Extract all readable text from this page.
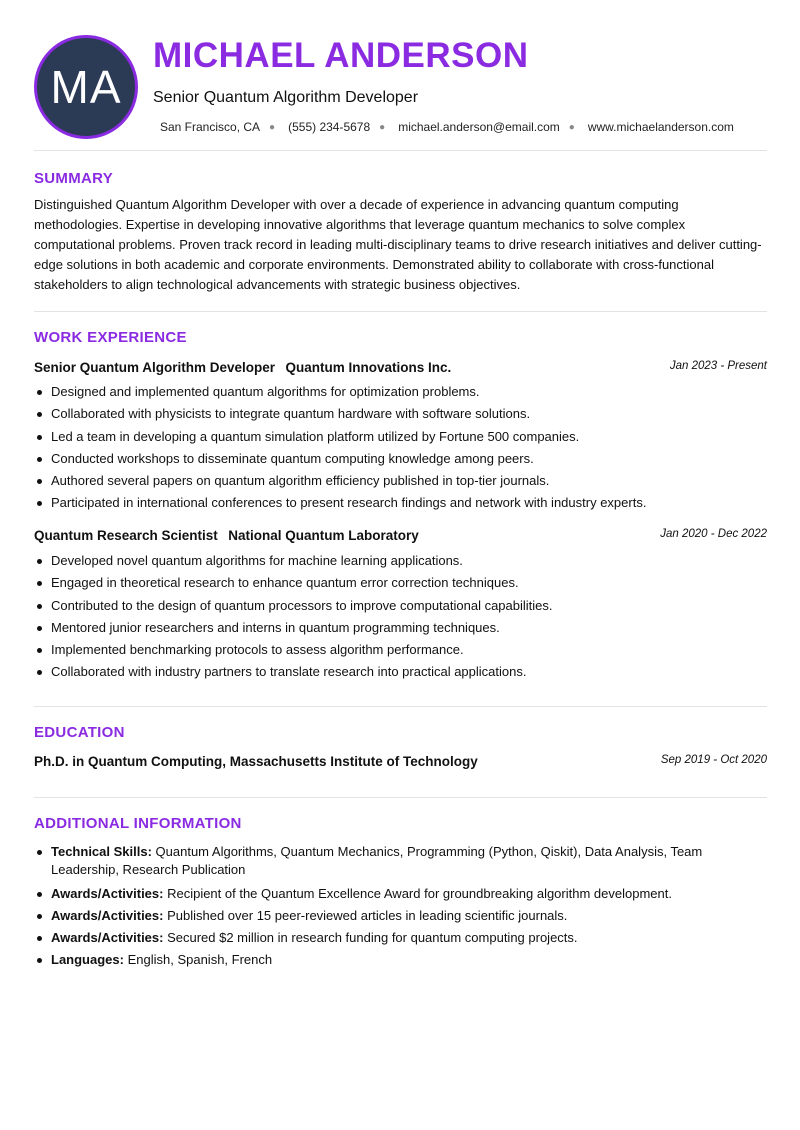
MA
MICHAEL ANDERSON
Senior Quantum Algorithm Developer
San Francisco, CA ● (555) 234-5678 ● michael.anderson@email.com ● www.michaelanderson.com
SUMMARY

Distinguished Quantum Algorithm Developer with over a decade of experience in advancing quantum computing methodologies. Expertise in developing innovative algorithms that leverage quantum mechanics to solve complex computational problems. Proven track record in leading multi-disciplinary teams to drive research initiatives and deliver cutting-edge solutions in both academic and corporate environments. Demonstrated ability to collaborate with cross-functional stakeholders to align technological advancements with strategic business objectives.

WORK EXPERIENCE
Senior Quantum Algorithm Developer Quantum Innovations Inc.	Jan 2023 - Present
Designed and implemented quantum algorithms for optimization problems.
Collaborated with physicists to integrate quantum hardware with software solutions.
Led a team in developing a quantum simulation platform utilized by Fortune 500 companies.
Conducted workshops to disseminate quantum computing knowledge among peers.
Authored several papers on quantum algorithm efficiency published in top-tier journals.
Participated in international conferences to present research findings and network with industry experts.
Quantum Research Scientist National Quantum Laboratory	Jan 2020 - Dec 2022
Developed novel quantum algorithms for machine learning applications.
Engaged in theoretical research to enhance quantum error correction techniques.
Contributed to the design of quantum processors to improve computational capabilities.
Mentored junior researchers and interns in quantum programming techniques.
Implemented benchmarking protocols to assess algorithm performance.
Collaborated with industry partners to translate research into practical applications.
EDUCATION
Ph.D. in Quantum Computing, Massachusetts Institute of Technology	Sep 2019 - Oct 2020
ADDITIONAL INFORMATION
Technical Skills: Quantum Algorithms, Quantum Mechanics, Programming (Python, Qiskit), Data Analysis, Team Leadership, Research Publication
Awards/Activities: Recipient of the Quantum Excellence Award for groundbreaking algorithm development.
Awards/Activities: Published over 15 peer-reviewed articles in leading scientific journals.
Awards/Activities: Secured $2 million in research funding for quantum computing projects.
Languages: English, Spanish, French
